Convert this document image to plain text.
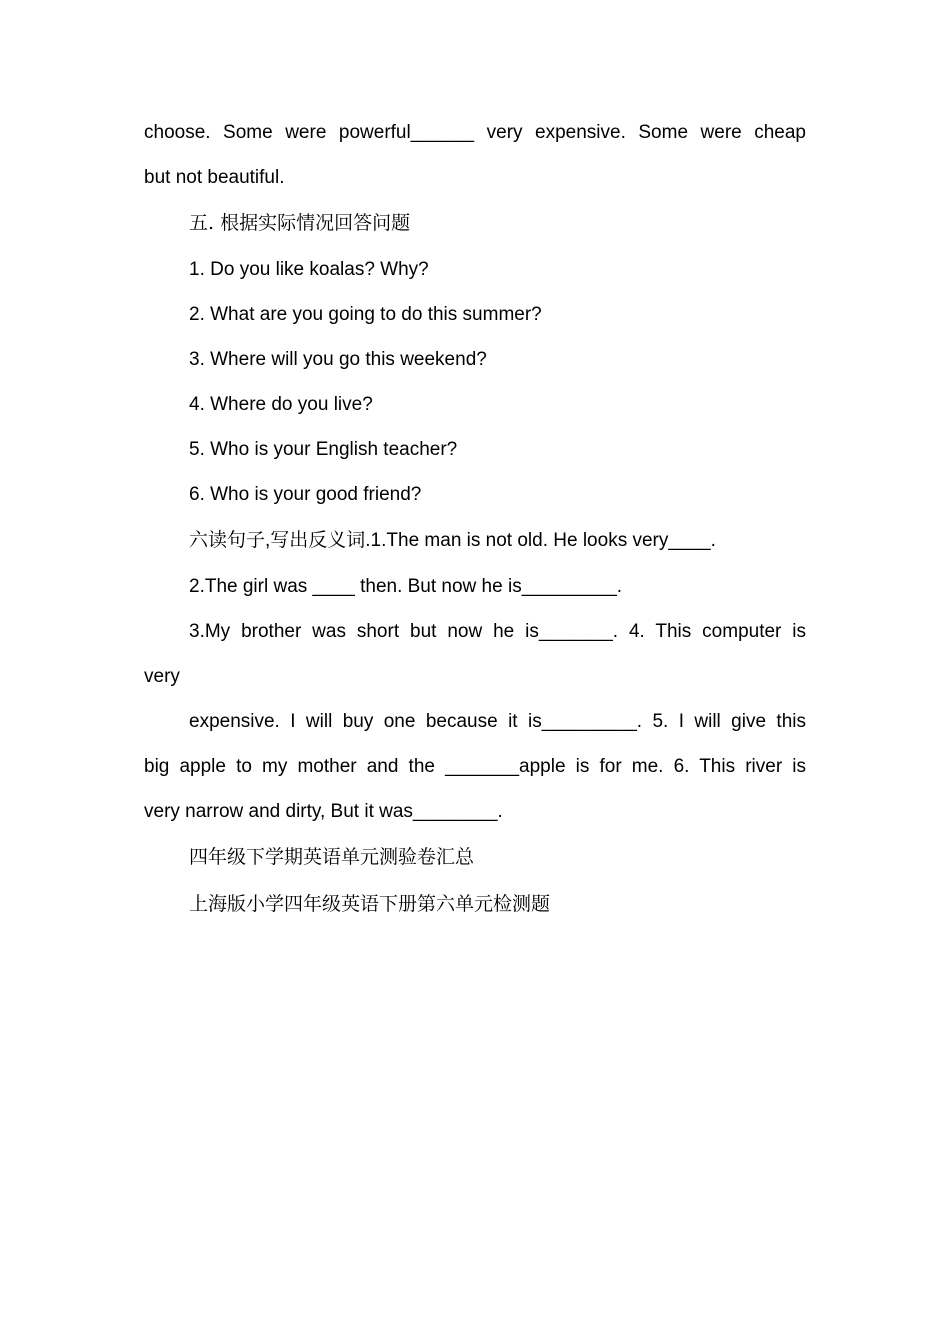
choose. Some were powerful______ very expensive. Some were cheap
but not beautiful.
五. 根据实际情况回答问题
1. Do you like koalas? Why?
2. What are you going to do this summer?
3. Where will you go this weekend?
4. Where do you live?
5. Who is your English teacher?
6. Who is your good friend?
六读句子,写出反义词.1.The man is not old. He looks very____.
2.The girl was ____ then. But now he is_________.
3.My brother was short but now he is_______. 4. This computer is
very
expensive. I will buy one because it is_________. 5. I will give this
big apple to my mother and the _______apple is for me. 6. This river is
very narrow and dirty, But it was________.
四年级下学期英语单元测验卷汇总
上海版小学四年级英语下册第六单元检测题
